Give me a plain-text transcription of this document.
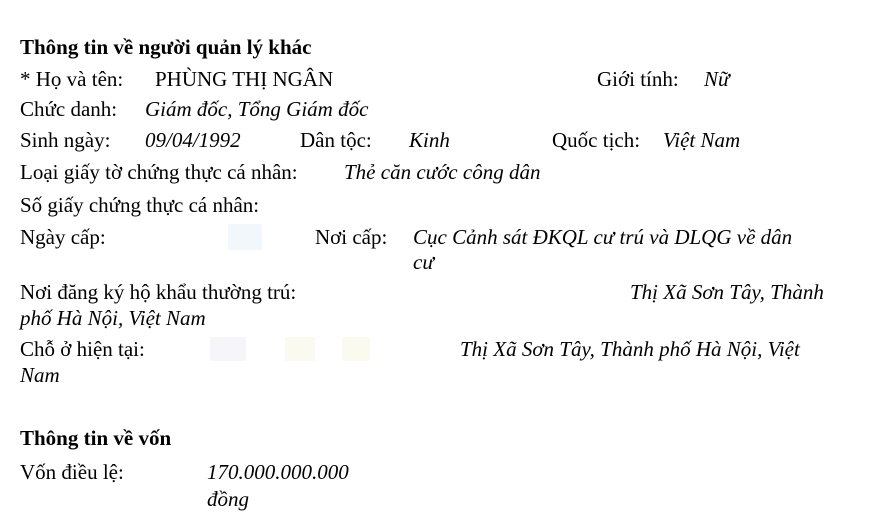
Thông tin về người quản lý khác
* Họ và tên: PHÙNG THỊ NGÂN	Giới tính: Nữ
Chức danh: Giám đốc, Tổng Giám đốc
Sinh ngày: 09/04/1992	Dân tộc: Kinh	Quốc tịch: Việt Nam
Loại giấy tờ chứng thực cá nhân: Thẻ căn cước công dân
Số giấy chứng thực cá nhân:
Ngày cấp:	Nơi cấp: Cục Cảnh sát ĐKQL cư trú và DLQG về dân
cư
Nơi đăng ký hộ khẩu thường trú:	Thị Xã Sơn Tây, Thành
phố Hà Nội, Việt Nam
Chỗ ở hiện tại:	Thị Xã Sơn Tây, Thành phố Hà Nội, Việt
Nam
Thông tin về vốn
Vốn điều lệ:	170.000.000.000
đồng
